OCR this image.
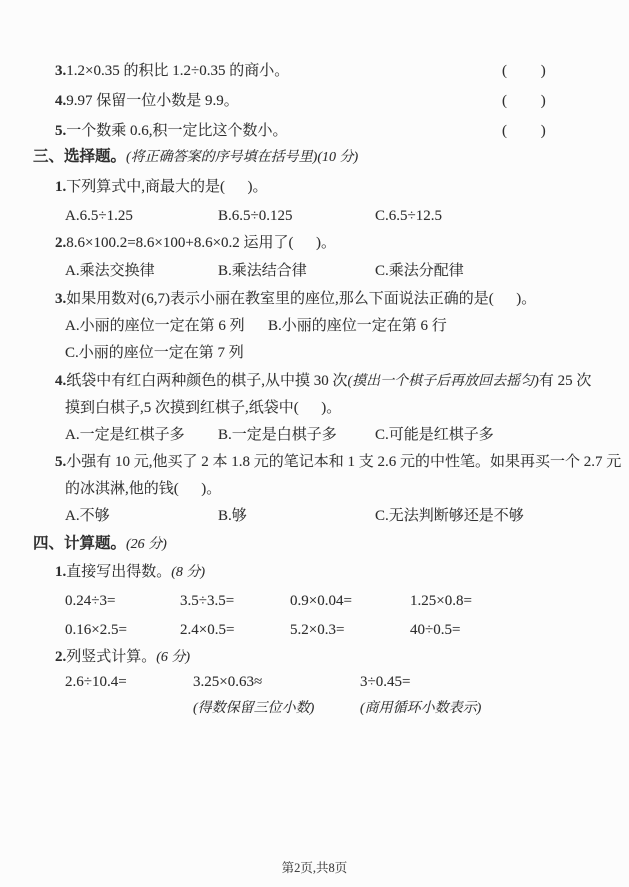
3.1.2×0.35 的积比 1.2÷0.35 的商小。	(         )
4.9.97 保留一位小数是 9.9。	(         )
5.一个数乘 0.6,积一定比这个数小。	(         )
三、选择题。(将正确答案的序号填在括号里)(10 分)
1.下列算式中,商最大的是(      )。
A.6.5÷1.25	B.6.5÷0.125	C.6.5÷12.5
2.8.6×100.2=8.6×100+8.6×0.2 运用了(      )。
A.乘法交换律	B.乘法结合律	C.乘法分配律
3.如果用数对(6,7)表示小丽在教室里的座位,那么下面说法正确的是(      )。
A.小丽的座位一定在第 6 列 B.小丽的座位一定在第 6 行
C.小丽的座位一定在第 7 列
4.纸袋中有红白两种颜色的棋子,从中摸 30 次(摸出一个棋子后再放回去摇匀)有 25 次
摸到白棋子,5 次摸到红棋子,纸袋中(      )。
A.一定是红棋子多 B.一定是白棋子多	C.可能是红棋子多
5.小强有 10 元,他买了 2 本 1.8 元的笔记本和 1 支 2.6 元的中性笔。如果再买一个 2.7 元
的冰淇淋,他的钱(      )。
A.不够	B.够	C.无法判断够还是不够
四、计算题。(26 分)
1.直接写出得数。(8 分)
0.24÷3=	3.5÷3.5=	0.9×0.04=	1.25×0.8=
0.16×2.5=	2.4×0.5=	5.2×0.3=	40÷0.5=
2.列竖式计算。(6 分)
2.6÷10.4=	3.25×0.63≈	3÷0.45=
(得数保留三位小数)	(商用循环小数表示)
第2页,共8页
